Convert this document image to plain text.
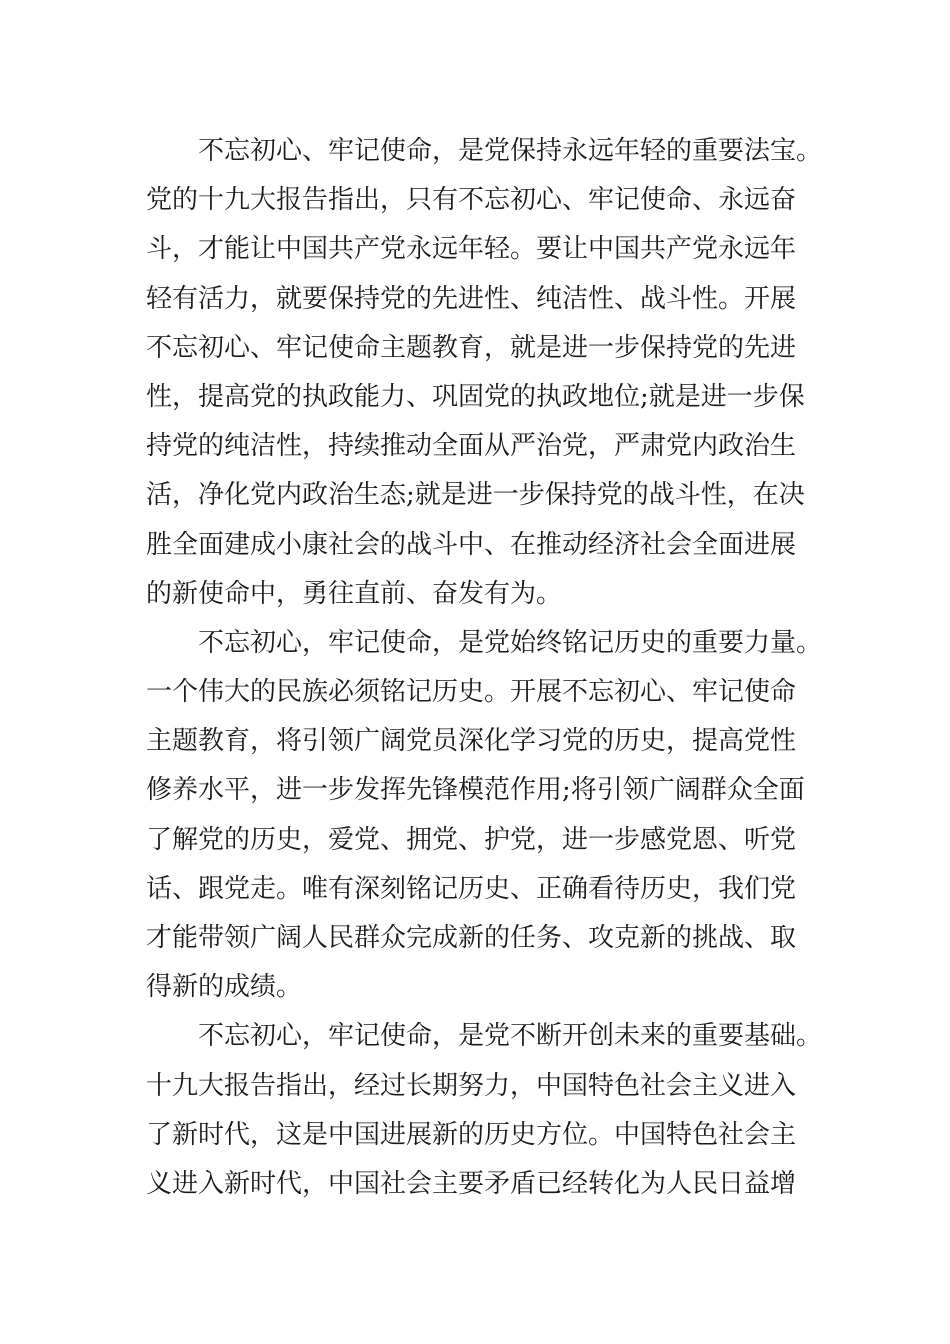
不忘初心、牢记使命，是党保持永远年轻的重要法宝。
党的十九大报告指出，只有不忘初心、牢记使命、永远奋
斗，才能让中国共产党永远年轻。要让中国共产党永远年
轻有活力，就要保持党的先进性、纯洁性、战斗性。开展
不忘初心、牢记使命主题教育，就是进一步保持党的先进
性，提高党的执政能力、巩固党的执政地位;就是进一步保
持党的纯洁性，持续推动全面从严治党，严肃党内政治生
活，净化党内政治生态;就是进一步保持党的战斗性，在决
胜全面建成小康社会的战斗中、在推动经济社会全面进展
的新使命中，勇往直前、奋发有为。
不忘初心，牢记使命，是党始终铭记历史的重要力量。
一个伟大的民族必须铭记历史。开展不忘初心、牢记使命
主题教育，将引领广阔党员深化学习党的历史，提高党性
修养水平，进一步发挥先锋模范作用;将引领广阔群众全面
了解党的历史，爱党、拥党、护党，进一步感党恩、听党
话、跟党走。唯有深刻铭记历史、正确看待历史，我们党
才能带领广阔人民群众完成新的任务、攻克新的挑战、取
得新的成绩。
不忘初心，牢记使命，是党不断开创未来的重要基础。
十九大报告指出，经过长期努力，中国特色社会主义进入
了新时代，这是中国进展新的历史方位。中国特色社会主
义进入新时代，中国社会主要矛盾已经转化为人民日益增
